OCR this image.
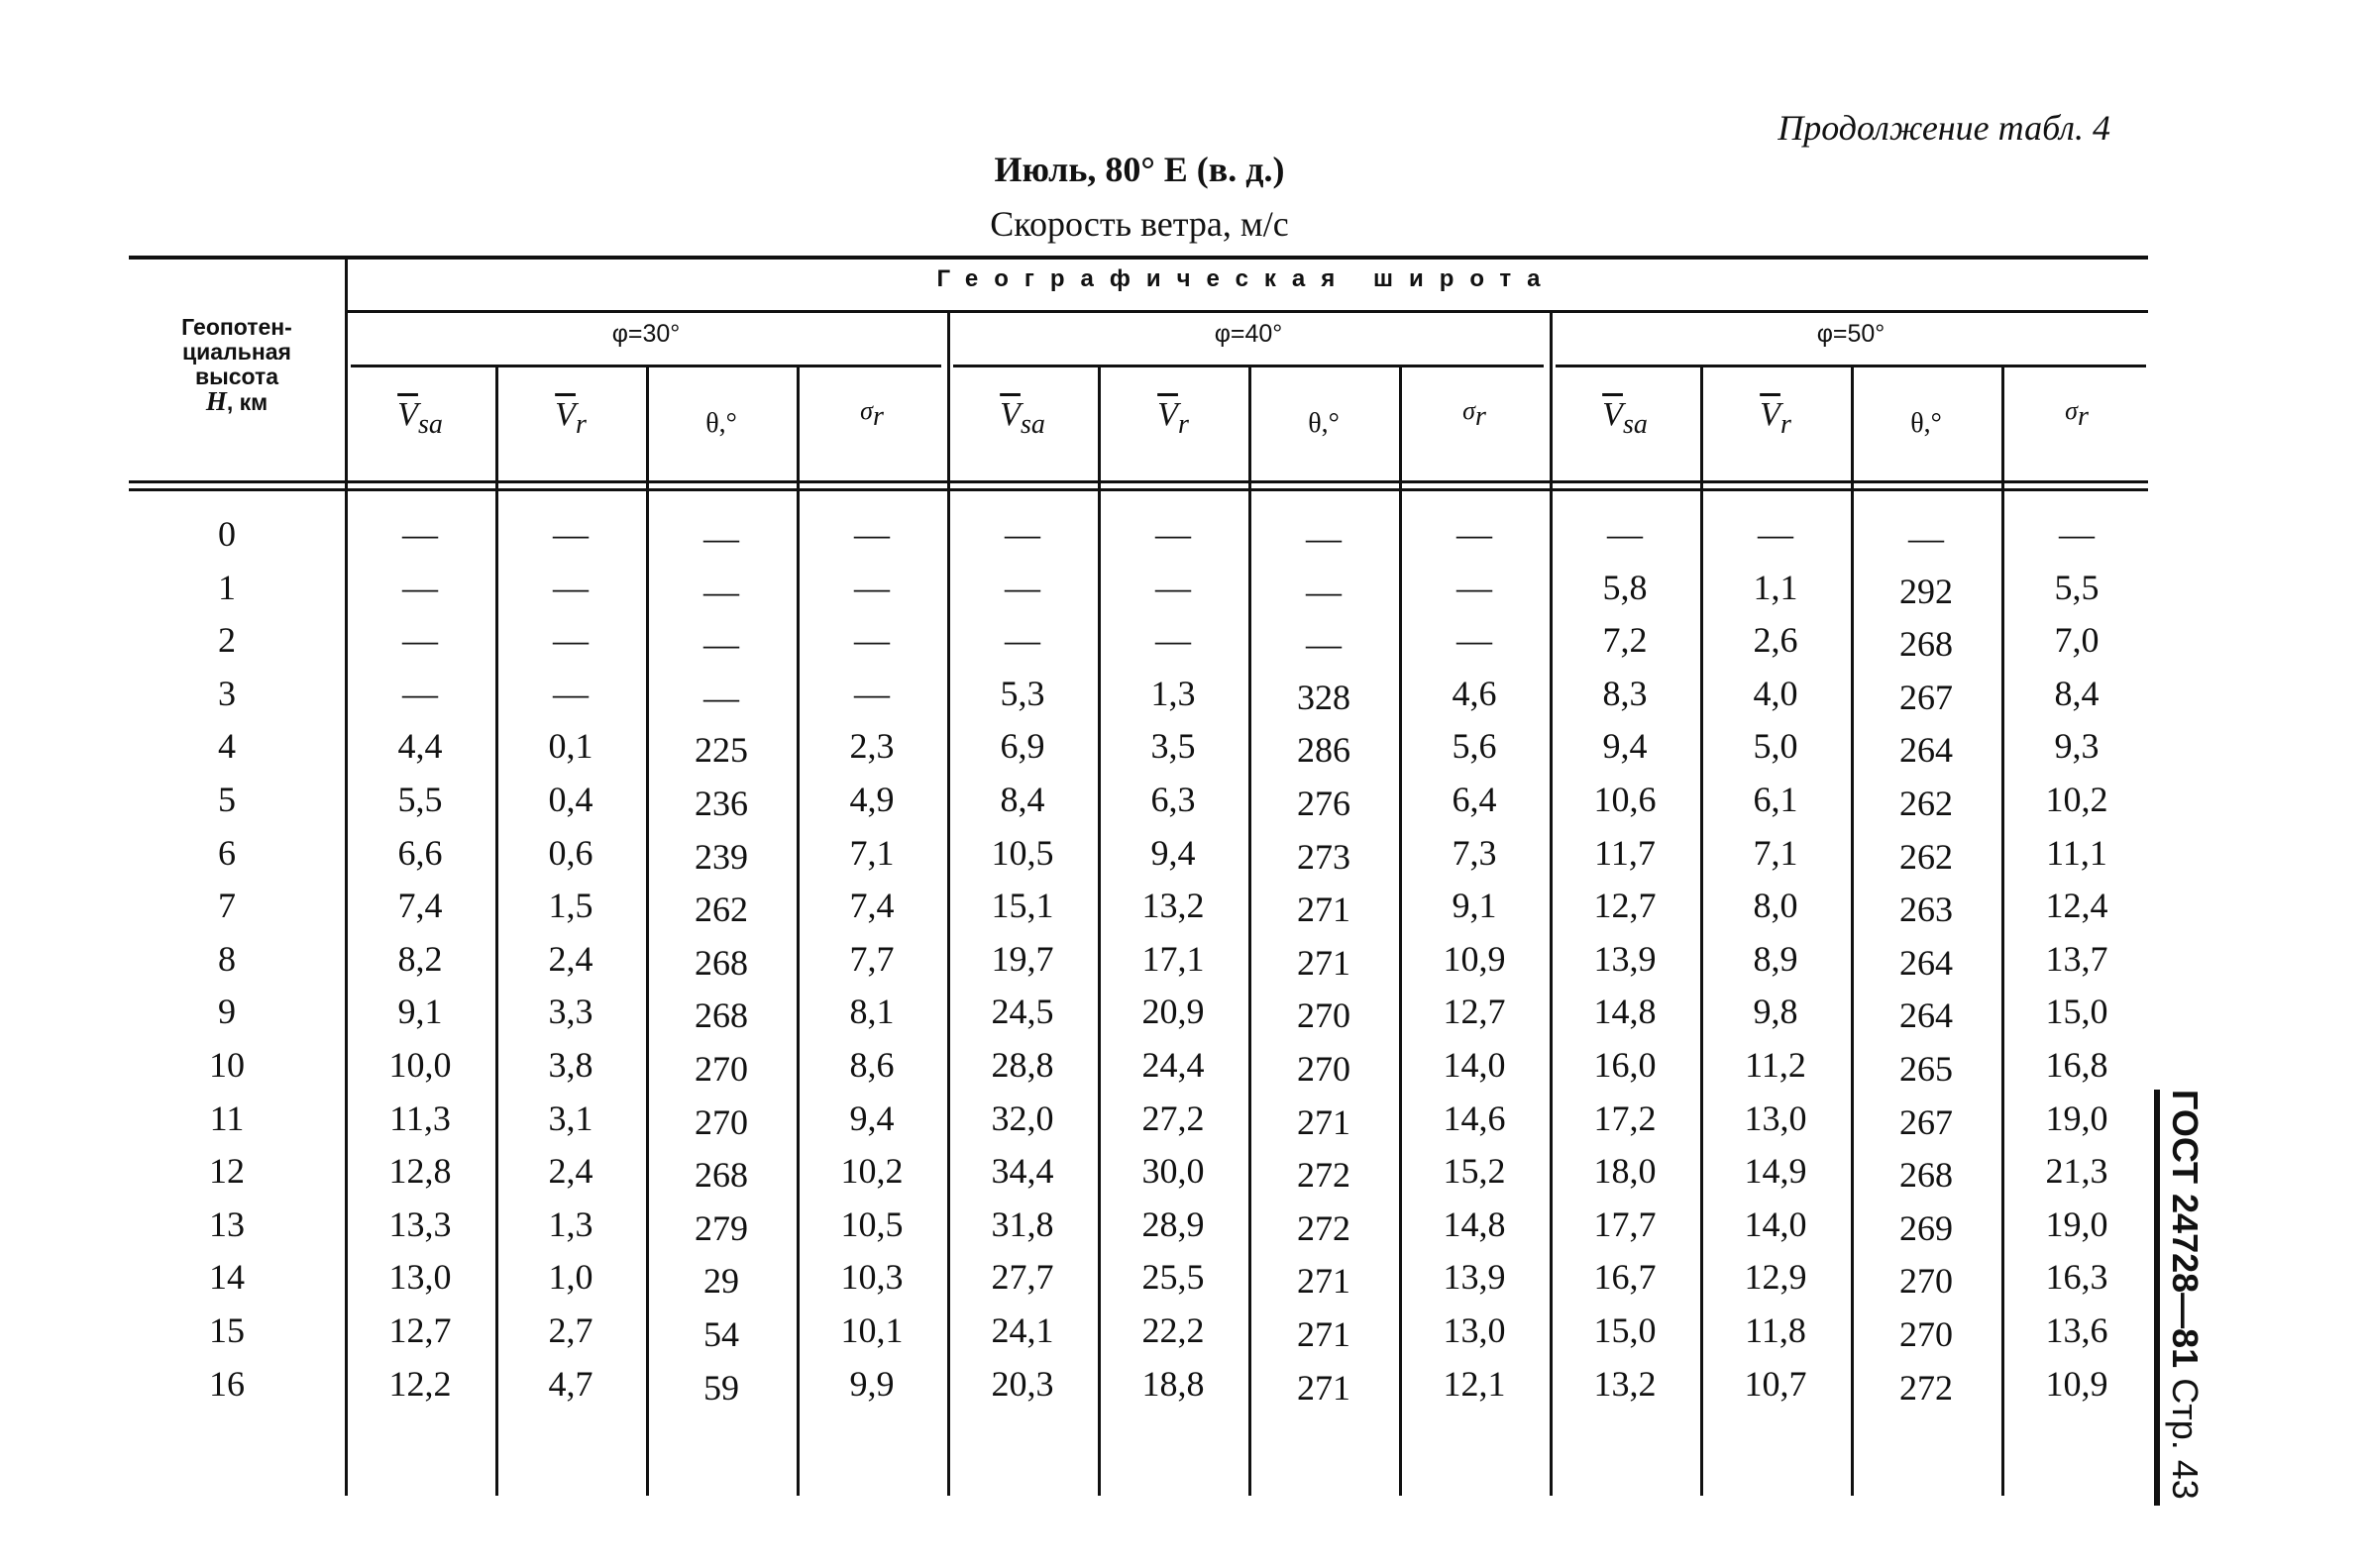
Продолжение табл. 4
Июль, 80° E (в. д.)
Скорость ветра, м/с
ГОСТ 24728—81 Стр. 43
Географическая широта
φ=30°	φ=40°	φ=50°
Геопотен-
циальная
высота
H, км	$\overline{V}_{sa}$	$\overline{V}_r$	θ,°	$\sigma_r$	$\overline{V}_{sa}$	$\overline{V}_r$	θ,°	$\sigma_r$	$\overline{V}_{sa}$	$\overline{V}_r$	θ,°	$\sigma_r$
0	—	—	—	—	—	—	—	—	—	—	—	—
1	—	—	—	—	—	—	—	—	5,8	1,1	292	5,5
2	—	—	—	—	—	—	—	—	7,2	2,6	268	7,0
3	—	—	—	—	5,3	1,3	328	4,6	8,3	4,0	267	8,4
4	4,4	0,1	225	2,3	6,9	3,5	286	5,6	9,4	5,0	264	9,3
5	5,5	0,4	236	4,9	8,4	6,3	276	6,4	10,6	6,1	262	10,2
6	6,6	0,6	239	7,1	10,5	9,4	273	7,3	11,7	7,1	262	11,1
7	7,4	1,5	262	7,4	15,1	13,2	271	9,1	12,7	8,0	263	12,4
8	8,2	2,4	268	7,7	19,7	17,1	271	10,9	13,9	8,9	264	13,7
9	9,1	3,3	268	8,1	24,5	20,9	270	12,7	14,8	9,8	264	15,0
10	10,0	3,8	270	8,6	28,8	24,4	270	14,0	16,0	11,2	265	16,8
11	11,3	3,1	270	9,4	32,0	27,2	271	14,6	17,2	13,0	267	19,0
12	12,8	2,4	268	10,2	34,4	30,0	272	15,2	18,0	14,9	268	21,3
13	13,3	1,3	279	10,5	31,8	28,9	272	14,8	17,7	14,0	269	19,0
14	13,0	1,0	29	10,3	27,7	25,5	271	13,9	16,7	12,9	270	16,3
15	12,7	2,7	54	10,1	24,1	22,2	271	13,0	15,0	11,8	270	13,6
16	12,2	4,7	59	9,9	20,3	18,8	271	12,1	13,2	10,7	272	10,9
